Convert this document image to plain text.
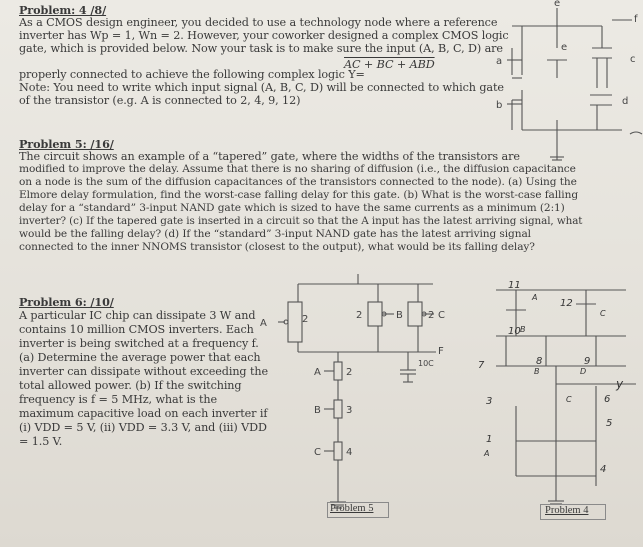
Problem: 4 /8/
As a CMOS design engineer, you decided to use a technology node where a reference
inverter has Wp = 1, Wn = 2. However, your coworker designed a complex CMOS logic
gate, which is provided below. Now your task is to make sure the input (A, B, C, D) are
properly connected to achieve the following complex logic Y=
AC + BC + ABD
Note: You need to write which input signal (A, B, C, D) will be connected to which gate
of the transistor (e.g. A is connected to 2, 4, 9, 12)
e
f
a
e
c
b	d
Problem 5: /16/
The circuit shows an example of a “tapered” gate, where the widths of the transistors are
modified to improve the delay. Assume that there is no sharing of diffusion (i.e., the diffusion capacitance
on a node is the sum of the diffusion capacitances of the transistors connected to the node). (a) Using the
Elmore delay formulation, find the worst-case falling delay for this gate. (b) What is the worst-case falling
delay for a “standard” 3-input NAND gate which is sized to have the same currents as a minimum (2:1)
inverter? (c) If the tapered gate is inserted in a circuit so that the A input has the latest arriving signal, what
would be the falling delay? (d) If the “standard” 3-input NAND gate has the latest arriving signal
connected to the inner NNOMS transistor (closest to the output), what would be its falling delay?
Problem 6: /10/
A particular IC chip can dissipate 3 W and
contains 10 million CMOS inverters. Each
inverter is being switched at a frequency f.
(a) Determine the average power that each
inverter can dissipate without exceeding the
total allowed power. (b) If the switching
frequency is f = 5 MHz, what is the
maximum capacitive load on each inverter if
(i) VDD = 5 V, (ii) VDD = 3.3 V, and (iii) VDD
= 1.5 V.
A	2	2	B	2 C
F
10C
A	2
B	3
C	4
Problem 5
11
12
10
7	8	9
3	6
5
4
1
A
C
B
B	D
C
A
y
Problem 4
